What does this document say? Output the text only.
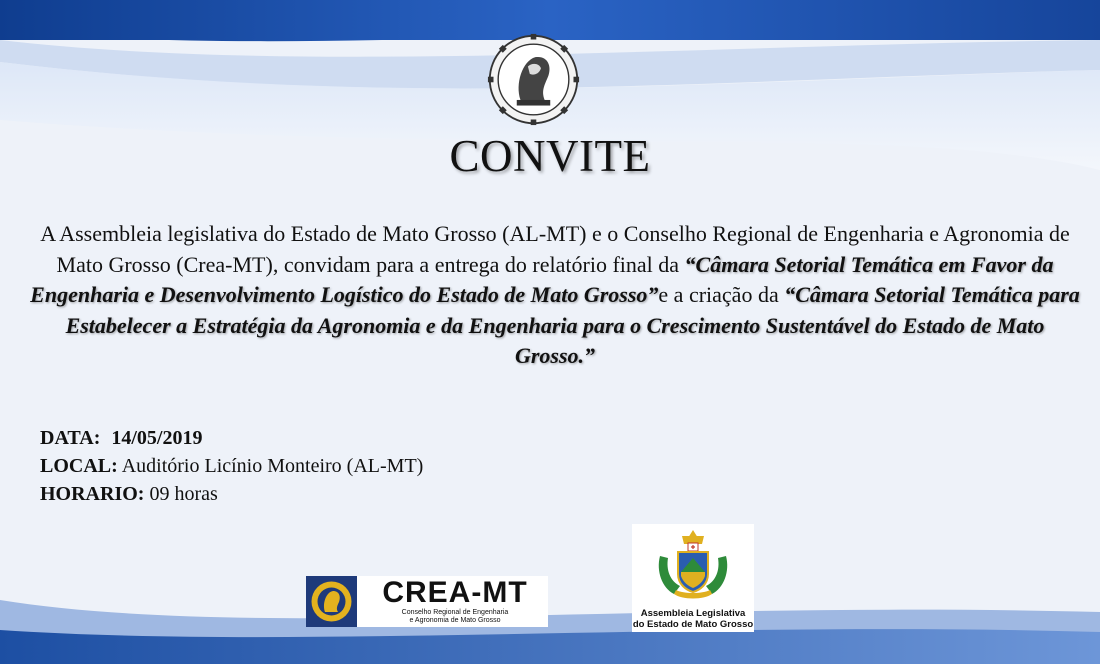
CONVITE
A Assembleia legislativa do Estado de Mato Grosso (AL-MT) e o Conselho Regional de Engenharia e Agronomia de Mato Grosso (Crea-MT), convidam para a entrega do relatório final da “Câmara Setorial Temática em Favor da Engenharia e Desenvolvimento Logístico do Estado de Mato Grosso”e a criação da “Câmara Setorial Temática para Estabelecer a Estratégia da Agronomia e da Engenharia para o Crescimento Sustentável do Estado de Mato Grosso.”
DATA: 14/05/2019
LOCAL: Auditório Licínio Monteiro (AL-MT)
HORARIO: 09 horas
CREA-MT
Conselho Regional de Engenharia
e Agronomia de Mato Grosso
Assembleia Legislativa
do Estado de Mato Grosso
